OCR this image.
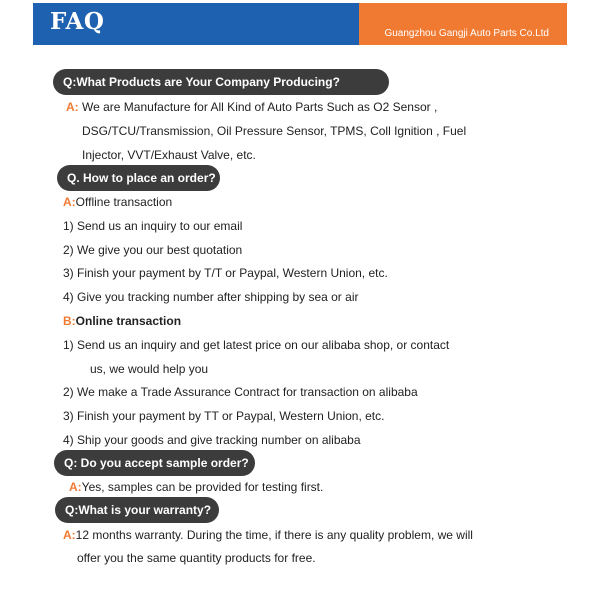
FAQ	Guangzhou Gangji Auto Parts Co.Ltd
Q:What Products are Your Company Producing?
A: We are Manufacture for All Kind of Auto Parts Such as O2 Sensor ,
DSG/TCU/Transmission, Oil Pressure Sensor, TPMS, Coll Ignition , Fuel
Injector, VVT/Exhaust Valve, etc.
Q. How to place an order?
A:Offline transaction
1) Send us an inquiry to our email
2) We give you our best quotation
3) Finish your payment by T/T or Paypal, Western Union, etc.
4) Give you tracking number after shipping by sea or air
B:Online transaction
1) Send us an inquiry and get latest price on our alibaba shop, or contact
us, we would help you
2) We make a Trade Assurance Contract for transaction on alibaba
3) Finish your payment by TT or Paypal, Western Union, etc.
4) Ship your goods and give tracking number on alibaba
Q: Do you accept sample order?
A:Yes, samples can be provided for testing first.
Q:What is your warranty?
A:12 months warranty. During the time, if there is any quality problem, we will
offer you the same quantity products for free.
